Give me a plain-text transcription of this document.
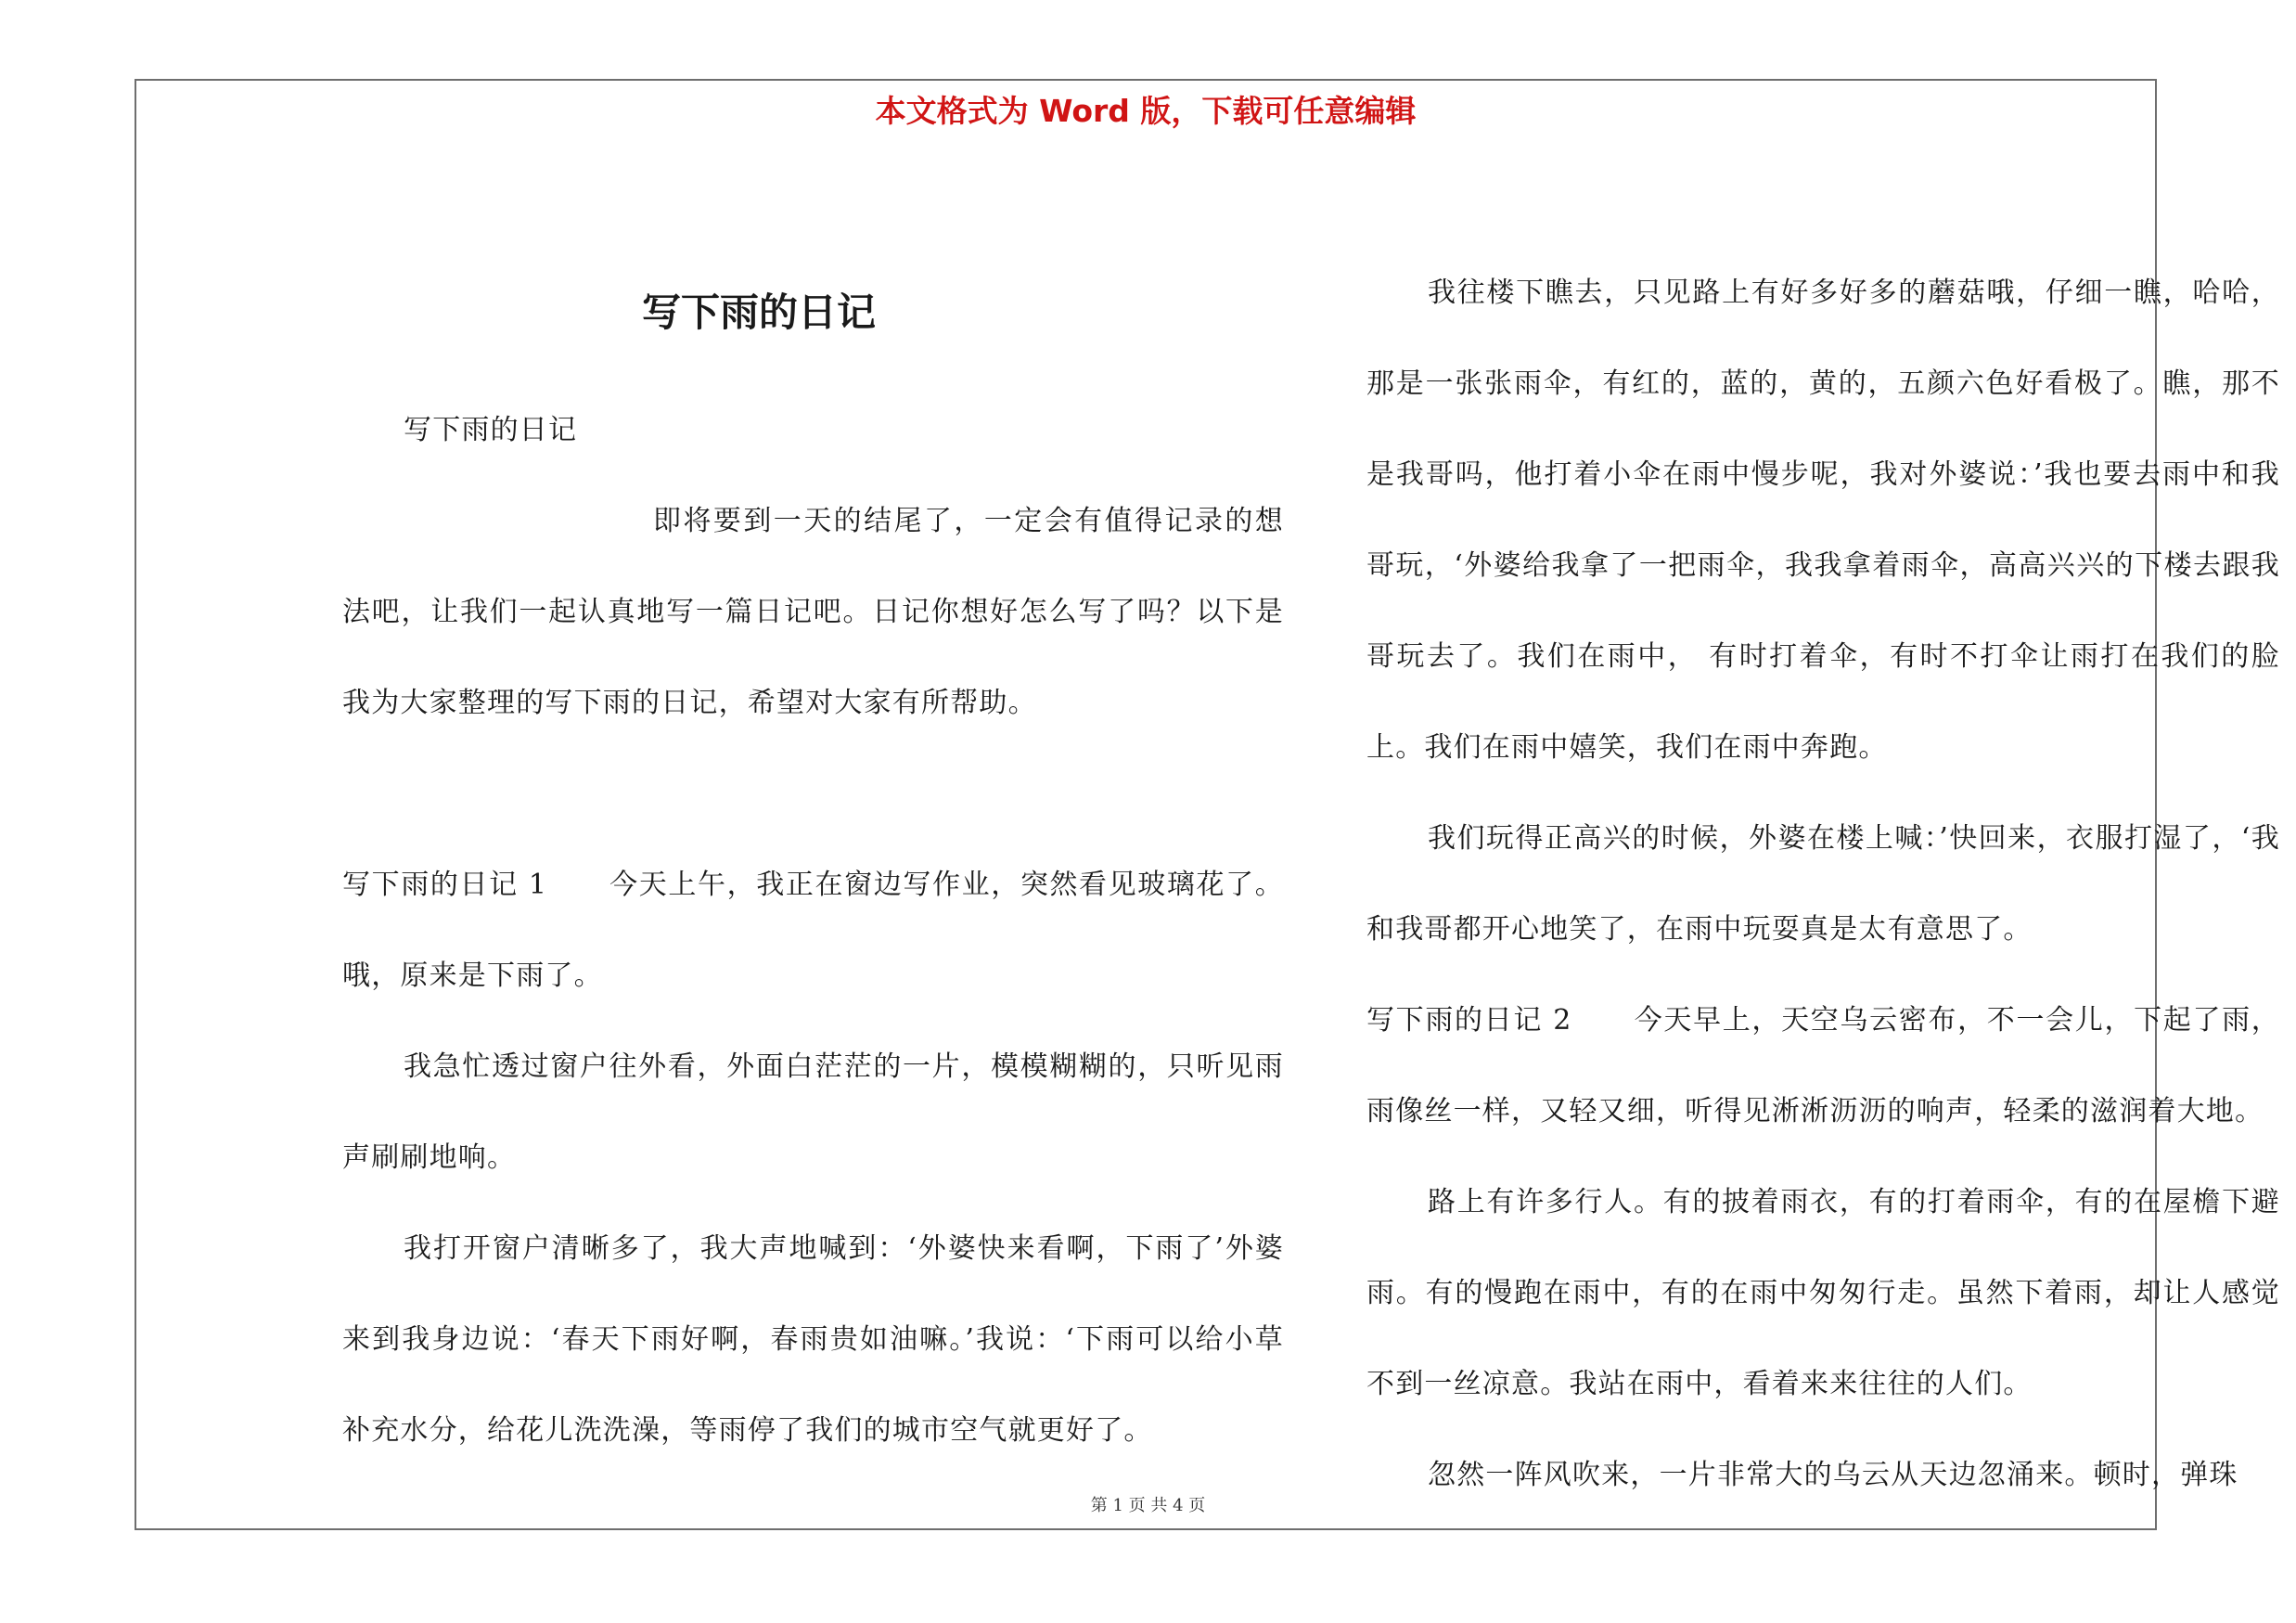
本文格式为 Word 版，下载可任意编辑
写下雨的日记

写下雨的日记

即将要到一天的结尾了，一定会有值得记录的想法吧，让我们一起认真地写一篇日记吧。日记你想好怎么写了吗？以下是我为大家整理的写下雨的日记，希望对大家有所帮助。

写下雨的日记 1 今天上午，我正在窗边写作业，突然看见玻璃花了。哦，原来是下雨了。

我急忙透过窗户往外看，外面白茫茫的一片，模模糊糊的，只听见雨声刷刷地响。

我打开窗户清晰多了，我大声地喊到：‘外婆快来看啊，下雨了’外婆来到我身边说：‘春天下雨好啊，春雨贵如油嘛。’我说：‘下雨可以给小草补充水分，给花儿洗洗澡，等雨停了我们的城市空气就更好了。

我往楼下瞧去，只见路上有好多好多的蘑菇哦，仔细一瞧，哈哈，那是一张张雨伞，有红的，蓝的，黄的，五颜六色好看极了。瞧，那不是我哥吗，他打着小伞在雨中慢步呢，我对外婆说：’我也要去雨中和我哥玩，‘外婆给我拿了一把雨伞，我我拿着雨伞，高高兴兴的下楼去跟我哥玩去了。我们在雨中， 有时打着伞，有时不打伞让雨打在我们的脸上。我们在雨中嬉笑，我们在雨中奔跑。

我们玩得正高兴的时候，外婆在楼上喊：’快回来，衣服打湿了，‘我和我哥都开心地笑了，在雨中玩耍真是太有意思了。

写下雨的日记 2 今天早上，天空乌云密布，不一会儿，下起了雨，雨像丝一样，又轻又细，听得见淅淅沥沥的响声，轻柔的滋润着大地。

路上有许多行人。有的披着雨衣，有的打着雨伞，有的在屋檐下避雨。有的慢跑在雨中，有的在雨中匆匆行走。虽然下着雨，却让人感觉不到一丝凉意。我站在雨中，看着来来往往的人们。

忽然一阵风吹来，一片非常大的乌云从天边忽涌来。顿时，弹珠

第 1 页 共 4 页
